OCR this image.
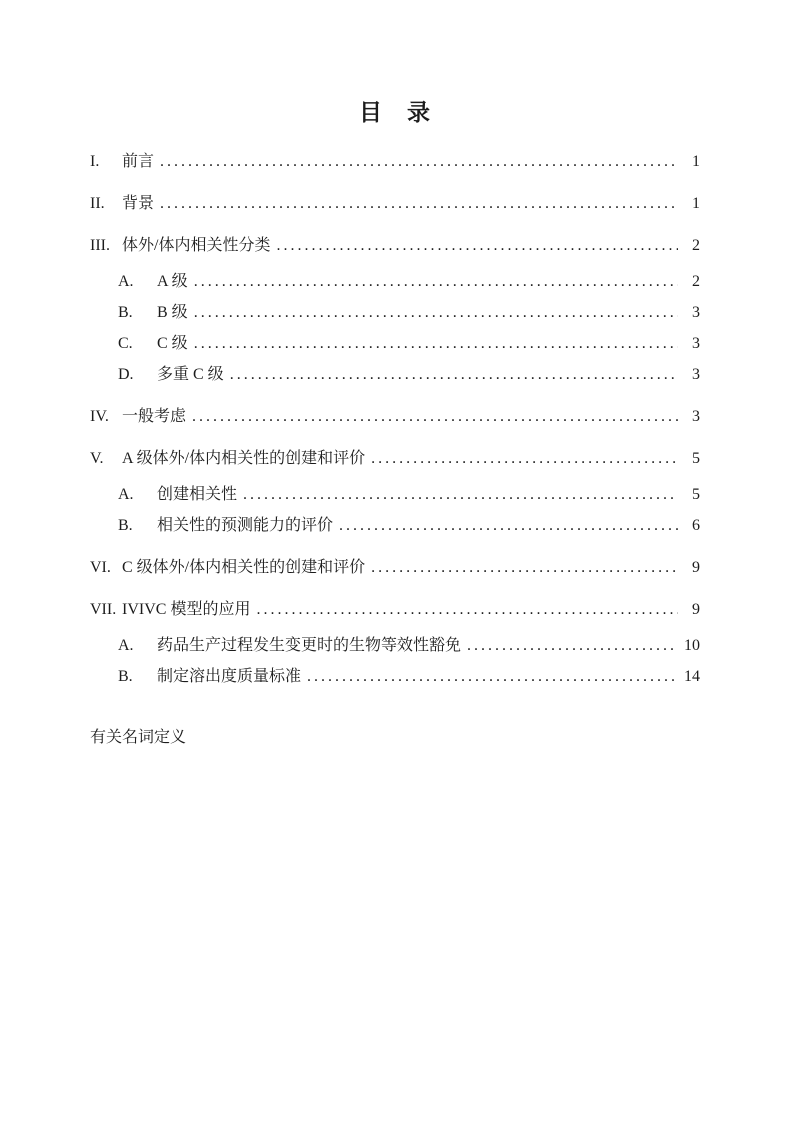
目　录
I.	前言 .....	1
II.	背景 .....	1
III. 体外/体内相关性分类 .....	2
A.	A 级 .....	2
B.	B 级 .....	3
C.	C 级 .....	3
D.	多重 C 级 .....	3
IV. 一般考虑 .....	3
V.	A 级体外/体内相关性的创建和评价 .....	5
A.	创建相关性 .....	5
B.	相关性的预测能力的评价 .....	6
VI. C 级体外/体内相关性的创建和评价 .....	9
VII. IVIVC 模型的应用 .....	9
A.	药品生产过程发生变更时的生物等效性豁免 .....	10
B.	制定溶出度质量标准 .....	14
有关名词定义
